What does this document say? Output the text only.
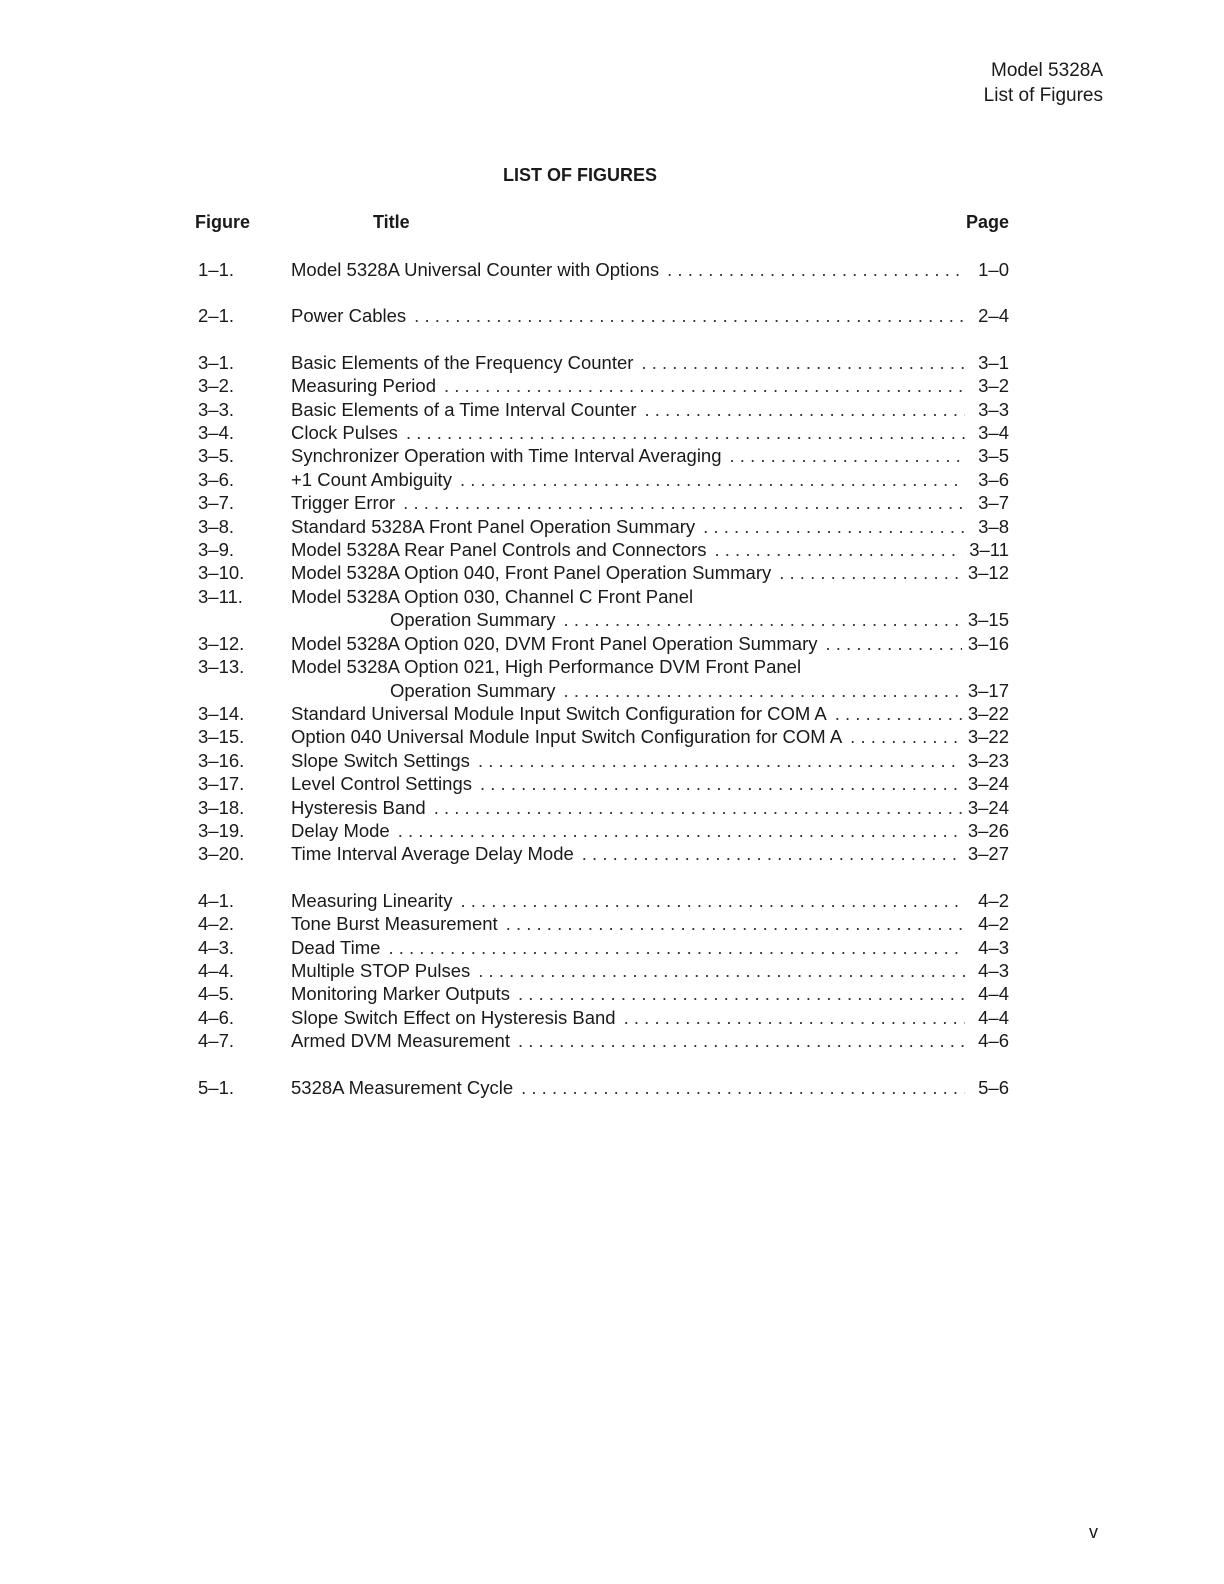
Model 5328A
List of Figures
LIST OF FIGURES
Figure	Title	Page
1–1.	Model 5328A Universal Counter with Options . . .	1–0
2–1.	Power Cables . . .	2–4
3–1.	Basic Elements of the Frequency Counter . . .	3–1
3–2.	Measuring Period . . .	3–2
3–3.	Basic Elements of a Time Interval Counter . . .	3–3
3–4.	Clock Pulses . . .	3–4
3–5.	Synchronizer Operation with Time Interval Averaging . . .	3–5
3–6.	+1 Count Ambiguity . . .	3–6
3–7.	Trigger Error . . .	3–7
3–8.	Standard 5328A Front Panel Operation Summary . . .	3–8
3–9.	Model 5328A Rear Panel Controls and Connectors . . .	3–11
3–10.	Model 5328A Option 040, Front Panel Operation Summary . . .	3–12
3–11.	Model 5328A Option 030, Channel C Front Panel
Operation Summary . . .	3–15
3–12.	Model 5328A Option 020, DVM Front Panel Operation Summary . . .	3–16
3–13.	Model 5328A Option 021, High Performance DVM Front Panel
Operation Summary . . .	3–17
3–14.	Standard Universal Module Input Switch Configuration for COM A . . .	3–22
3–15.	Option 040 Universal Module Input Switch Configuration for COM A . . .	3–22
3–16.	Slope Switch Settings . . .	3–23
3–17.	Level Control Settings . . .	3–24
3–18.	Hysteresis Band . . .	3–24
3–19.	Delay Mode . . .	3–26
3–20.	Time Interval Average Delay Mode . . .	3–27
4–1.	Measuring Linearity . . .	4–2
4–2.	Tone Burst Measurement . . .	4–2
4–3.	Dead Time . . .	4–3
4–4.	Multiple STOP Pulses . . .	4–3
4–5.	Monitoring Marker Outputs . . .	4–4
4–6.	Slope Switch Effect on Hysteresis Band . . .	4–4
4–7.	Armed DVM Measurement . . .	4–6
5–1.	5328A Measurement Cycle . . .	5–6
v
